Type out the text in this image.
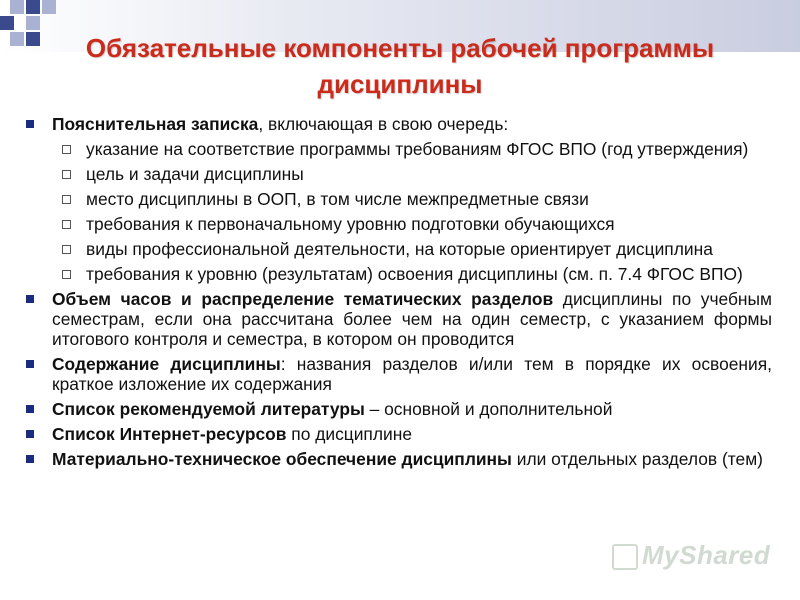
Обязательные компоненты рабочей программы
дисциплины
Пояснительная записка, включающая в свою очередь:
указание на соответствие программы требованиям ФГОС ВПО (год утверждения)
цель и задачи дисциплины
место дисциплины в ООП, в том числе межпредметные связи
требования к первоначальному уровню подготовки обучающихся
виды профессиональной деятельности, на которые ориентирует дисциплина
требования к уровню (результатам) освоения дисциплины (см. п. 7.4 ФГОС ВПО)
Объем часов и распределение тематических разделов дисциплины по учебным семестрам, если она рассчитана более чем на один семестр, с указанием формы итогового контроля и семестра, в котором он проводится
Содержание дисциплины: названия разделов и/или тем в порядке их освоения, краткое изложение их содержания
Список рекомендуемой литературы – основной и дополнительной
Список Интернет-ресурсов по дисциплине
Материально-техническое обеспечение дисциплины или отдельных разделов (тем)
MyShared
